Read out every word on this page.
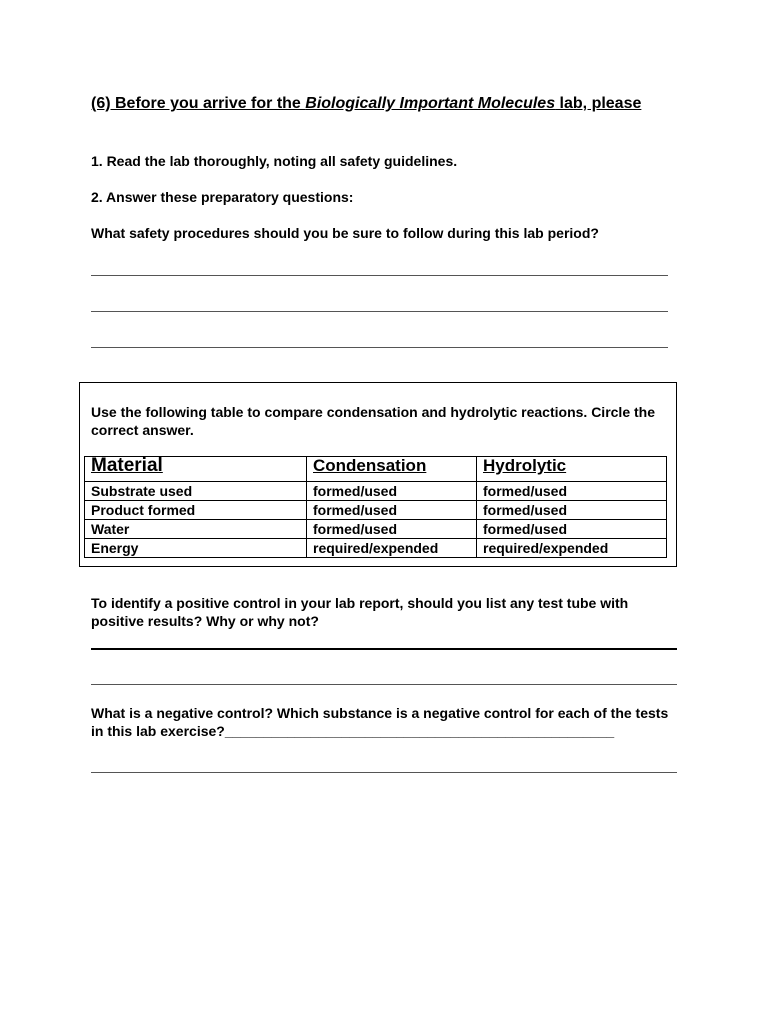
(6) Before you arrive for the Biologically Important Molecules lab, please
1. Read the lab thoroughly, noting all safety guidelines.
2. Answer these preparatory questions:
What safety procedures should you be sure to follow during this lab period?
Use the following table to compare condensation and hydrolytic reactions. Circle the correct answer.
Material	Condensation	Hydrolytic
Substrate used	formed/used	formed/used
Product formed	formed/used	formed/used
Water	formed/used	formed/used
Energy	required/expended	required/expended
To identify a positive control in your lab report, should you list any test tube with positive results? Why or why not?
What is a negative control? Which substance is a negative control for each of the tests in this lab exercise?__________________________________________________
